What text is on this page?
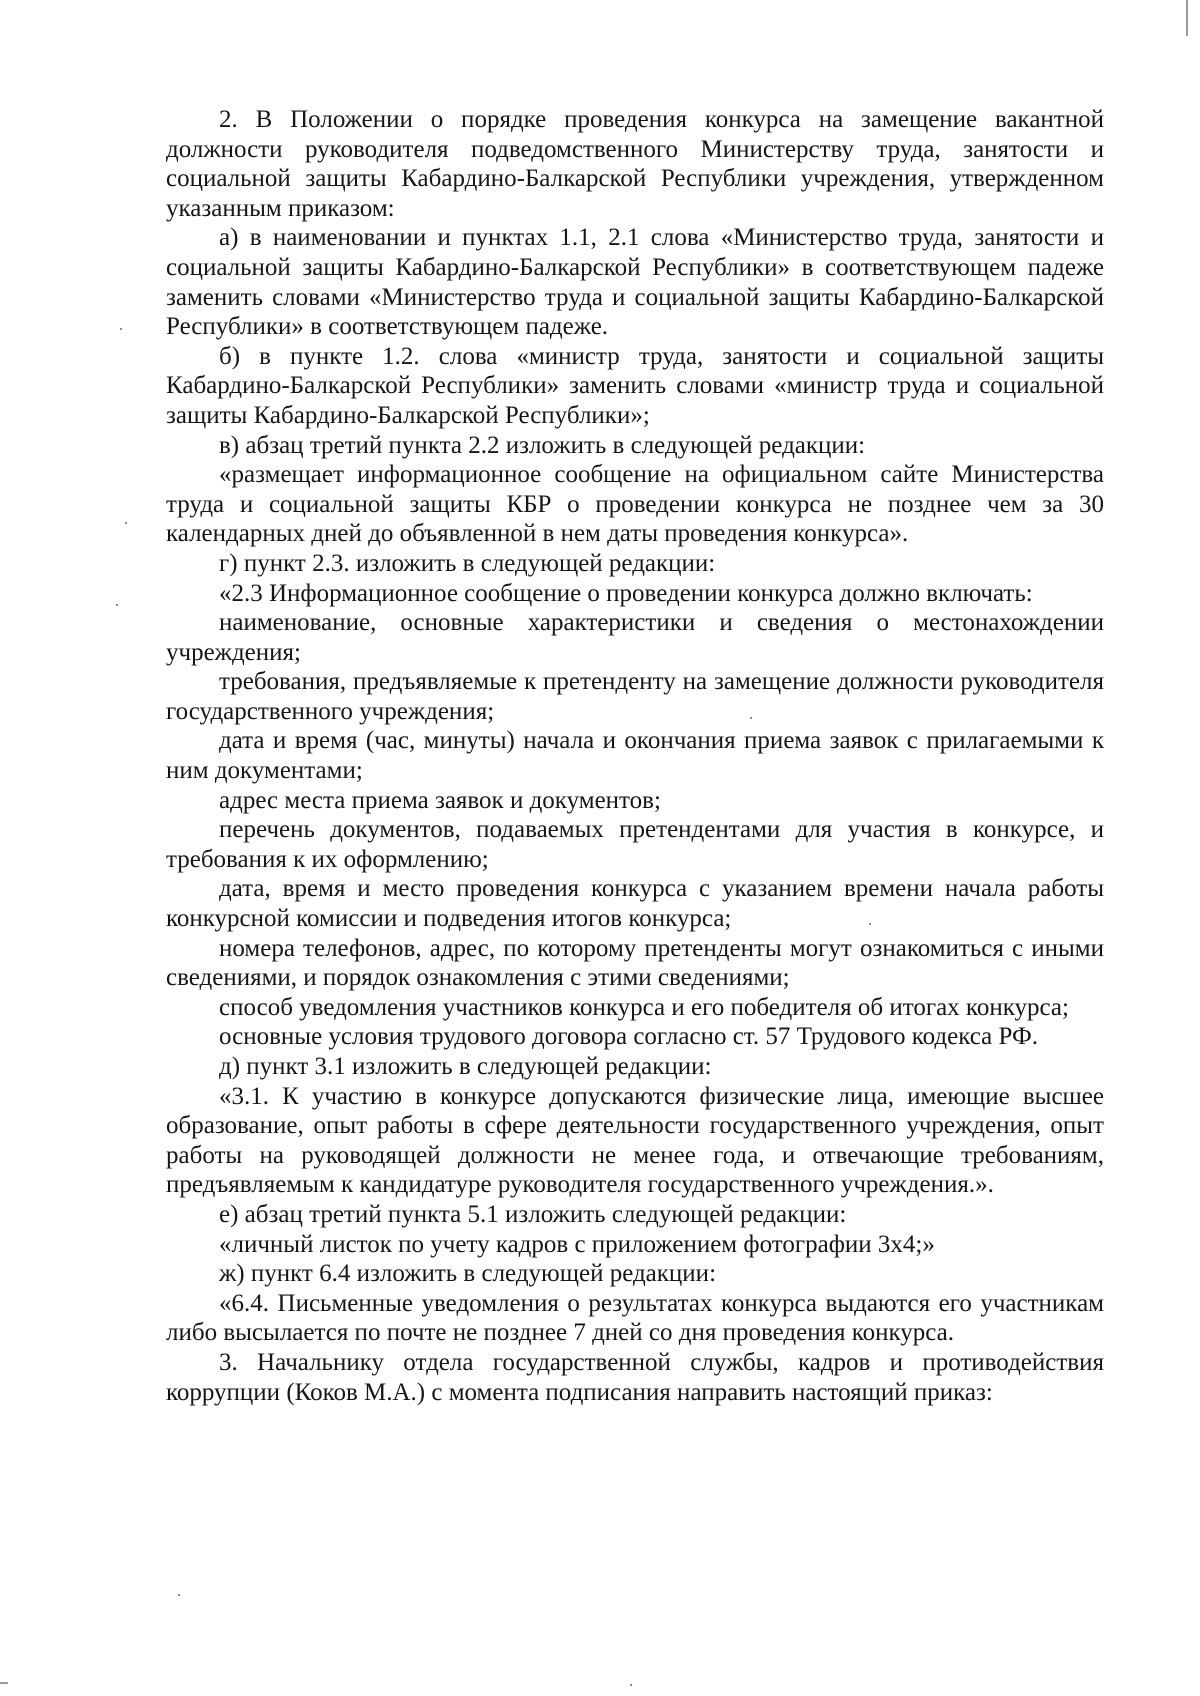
2. В Положении о порядке проведения конкурса на замещение вакантной должности руководителя подведомственного Министерству труда, занятости и социальной защиты Кабардино-Балкарской Республики учреждения, утвержденном указанным приказом:

а) в наименовании и пунктах 1.1, 2.1 слова «Министерство труда, занятости и социальной защиты Кабардино-Балкарской Республики» в соответствующем падеже заменить словами «Министерство труда и социальной защиты Кабардино-Балкарской Республики» в соответствующем падеже.

б) в пункте 1.2. слова «министр труда, занятости и социальной защиты Кабардино-Балкарской Республики» заменить словами «министр труда и социальной защиты Кабардино-Балкарской Республики»;

в) абзац третий пункта 2.2 изложить в следующей редакции:

«размещает информационное сообщение на официальном сайте Министерства труда и социальной защиты КБР о проведении конкурса не позднее чем за 30 календарных дней до объявленной в нем даты проведения конкурса».

г) пункт 2.3. изложить в следующей редакции:

«2.3 Информационное сообщение о проведении конкурса должно включать:

наименование, основные характеристики и сведения о местонахождении учреждения;

требования, предъявляемые к претенденту на замещение должности руководителя государственного учреждения;

дата и время (час, минуты) начала и окончания приема заявок с прилагаемыми к ним документами;

адрес места приема заявок и документов;

перечень документов, подаваемых претендентами для участия в конкурсе, и требования к их оформлению;

дата, время и место проведения конкурса с указанием времени начала работы конкурсной комиссии и подведения итогов конкурса;

номера телефонов, адрес, по которому претенденты могут ознакомиться с иными сведениями, и порядок ознакомления с этими сведениями;

способ уведомления участников конкурса и его победителя об итогах конкурса;

основные условия трудового договора согласно ст. 57 Трудового кодекса РФ.

д) пункт 3.1 изложить в следующей редакции:

«3.1. К участию в конкурсе допускаются физические лица, имеющие высшее образование, опыт работы в сфере деятельности государственного учреждения, опыт работы на руководящей должности не менее года, и отвечающие требованиям, предъявляемым к кандидатуре руководителя государственного учреждения.».

е) абзац третий пункта 5.1 изложить следующей редакции:

«личный листок по учету кадров с приложением фотографии 3х4;»

ж) пункт 6.4 изложить в следующей редакции:

«6.4. Письменные уведомления о результатах конкурса выдаются его участникам либо высылается по почте не позднее 7 дней со дня проведения конкурса.

3. Начальнику отдела государственной службы, кадров и противодействия коррупции (Коков М.А.) с момента подписания направить настоящий приказ:
